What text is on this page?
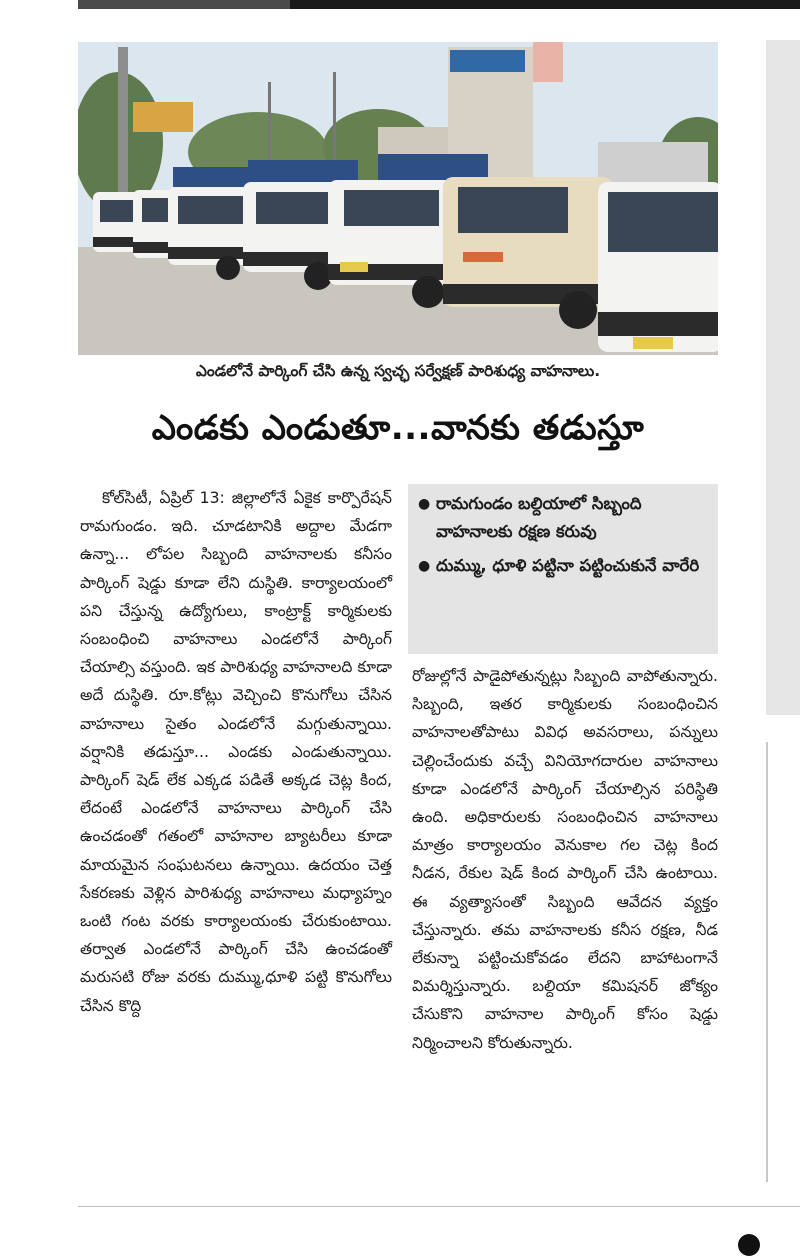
ఎండలోనే పార్కింగ్ చేసి ఉన్న స్వచ్ఛ సర్వేక్షణ్ పారిశుధ్య వాహనాలు.
ఎండకు ఎండుతూ...వానకు తడుస్తూ

కోల్‌సిటీ, ఏప్రిల్ 13: జిల్లాలోనే ఏకైక కార్పొరేషన్ రామగుండం. ఇది. చూడటానికి అద్దాల మేడగా ఉన్నా... లోపల సిబ్బంది వాహనాలకు కనీసం పార్కింగ్ షెడ్డు కూడా లేని దుస్థితి. కార్యాలయంలో పని చేస్తున్న ఉద్యోగులు, కాంట్రాక్ట్ కార్మికులకు సంబంధించి వాహనాలు ఎండలోనే పార్కింగ్ చేయాల్సి వస్తుంది. ఇక పారిశుధ్య వాహనాలది కూడా అదే దుస్థితి. రూ.కోట్లు వెచ్చించి కొనుగోలు చేసిన వాహనాలు సైతం ఎండలోనే మగ్గుతున్నాయి. వర్షానికి తడుస్తూ... ఎండకు ఎండుతున్నాయి. పార్కింగ్ షెడ్ లేక ఎక్కడ పడితే అక్కడ చెట్ల కింద, లేదంటే ఎండలోనే వాహనాలు పార్కింగ్ చేసి ఉంచడంతో గతంలో వాహనాల బ్యాటరీలు కూడా మాయమైన సంఘటనలు ఉన్నాయి. ఉదయం చెత్త సేకరణకు వెళ్లిన పారిశుధ్య వాహనాలు మధ్యాహ్నం ఒంటి గంట వరకు కార్యాలయంకు చేరుకుంటాయి. తర్వాత ఎండలోనే పార్కింగ్ చేసి ఉంచడంతో మరుసటి రోజు వరకు దుమ్ము,ధూళి పట్టి కొనుగోలు చేసిన కొద్ది

● రామగుండం బల్దియాలో సిబ్బంది వాహనాలకు రక్షణ కరువు
● దుమ్ము, ధూళి పట్టినా పట్టించుకునే వారేరి

రోజుల్లోనే పాడైపోతున్నట్లు సిబ్బంది వాపోతున్నారు. సిబ్బంది, ఇతర కార్మికులకు సంబంధించిన వాహనాలతోపాటు వివిధ అవసరాలు, పన్నులు చెల్లించేందుకు వచ్చే వినియోగదారుల వాహనాలు కూడా ఎండలోనే పార్కింగ్ చేయాల్సిన పరిస్థితి ఉంది. అధికారులకు సంబంధించిన వాహనాలు మాత్రం కార్యాలయం వెనుకాల గల చెట్ల కింద నీడన, రేకుల షెడ్ కింద పార్కింగ్ చేసి ఉంటాయి. ఈ వ్యత్యాసంతో సిబ్బంది ఆవేదన వ్యక్తం చేస్తున్నారు. తమ వాహనాలకు కనీస రక్షణ, నీడ లేకున్నా పట్టించుకోవడం లేదని బాహాటంగానే విమర్శిస్తున్నారు. బల్దియా కమిషనర్ జోక్యం చేసుకొని వాహనాల పార్కింగ్ కోసం షెడ్డు నిర్మించాలని కోరుతున్నారు.
